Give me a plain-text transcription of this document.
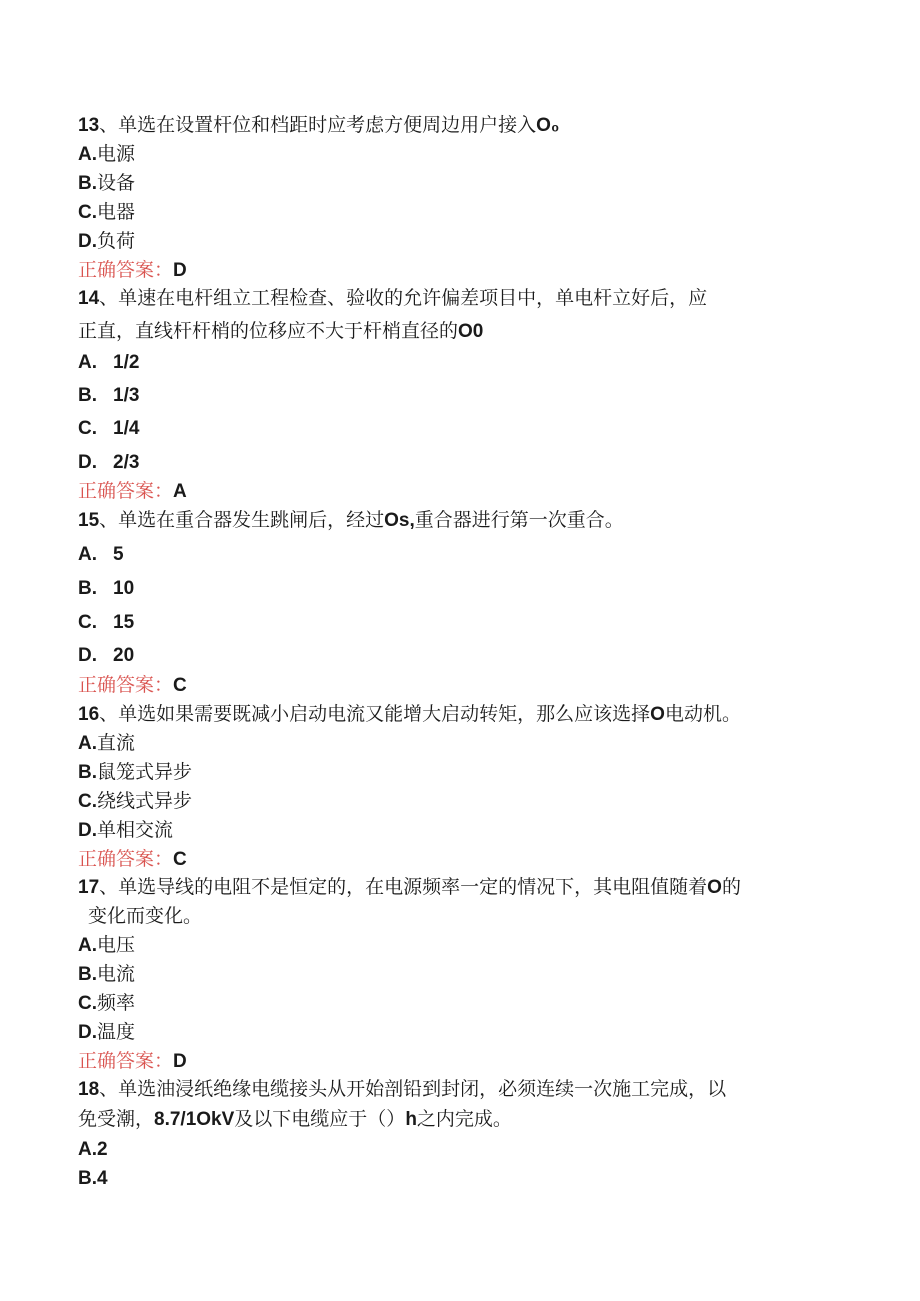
13、单选在设置杆位和档距时应考虑方便周边用户接入O₀
A.电源
B.设备
C.电器
D.负荷
正确答案：D
14、单速在电杆组立工程检查、验收的允许偏差项目中，单电杆立好后，应
正直，直线杆杆梢的位移应不大于杆梢直径的O0
A. 1/2
B. 1/3
C. 1/4
D. 2/3
正确答案：A
15、单选在重合器发生跳闸后，经过Os,重合器进行第一次重合。
A. 5
B. 10
C. 15
D. 20
正确答案：C
16、单选如果需要既减小启动电流又能增大启动转矩，那么应该选择O电动机。
A.直流
B.鼠笼式异步
C.绕线式异步
D.单相交流
正确答案：C
17、单选导线的电阻不是恒定的，在电源频率一定的情况下，其电阻值随着O的
变化而变化。
A.电压
B.电流
C.频率
D.温度
正确答案：D
18、单选油浸纸绝缘电缆接头从开始剖铅到封闭，必须连续一次施工完成，以
免受潮，8.7/1OkV及以下电缆应于（）h之内完成。
A.2
B.4
